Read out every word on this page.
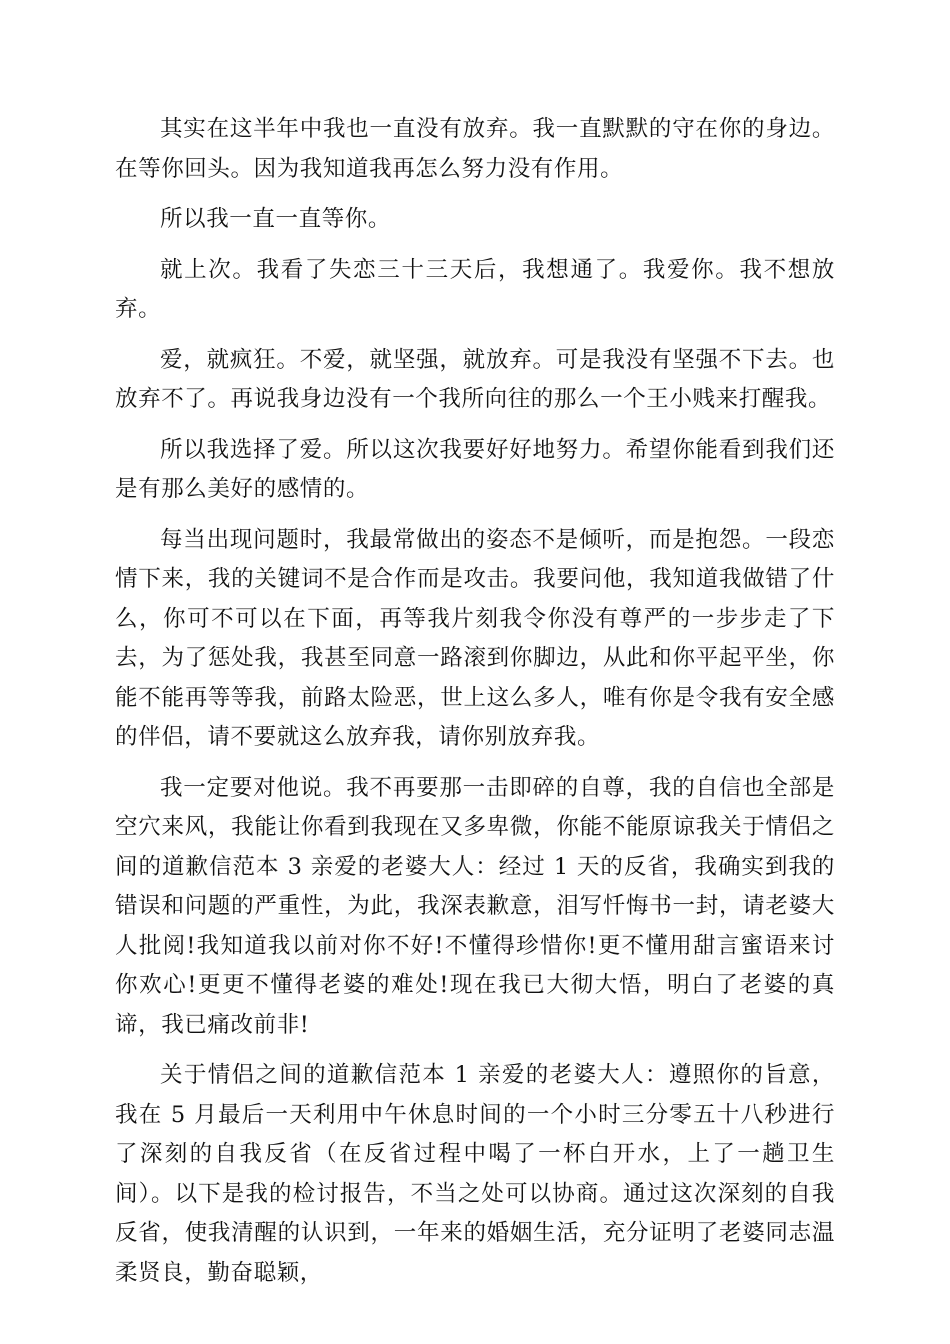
其实在这半年中我也一直没有放弃。我一直默默的守在你的身边。在等你回头。因为我知道我再怎么努力没有作用。

所以我一直一直等你。

就上次。我看了失恋三十三天后，我想通了。我爱你。我不想放弃。

爱，就疯狂。不爱，就坚强，就放弃。可是我没有坚强不下去。也放弃不了。再说我身边没有一个我所向往的那么一个王小贱来打醒我。

所以我选择了爱。所以这次我要好好地努力。希望你能看到我们还是有那么美好的感情的。

每当出现问题时，我最常做出的姿态不是倾听，而是抱怨。一段恋情下来，我的关键词不是合作而是攻击。我要问他，我知道我做错了什么，你可不可以在下面，再等我片刻我令你没有尊严的一步步走了下去，为了惩处我，我甚至同意一路滚到你脚边，从此和你平起平坐，你能不能再等等我，前路太险恶，世上这么多人，唯有你是令我有安全感的伴侣，请不要就这么放弃我，请你别放弃我。

我一定要对他说。我不再要那一击即碎的自尊，我的自信也全部是空穴来风，我能让你看到我现在又多卑微，你能不能原谅我关于情侣之间的道歉信范本 3 亲爱的老婆大人：经过 1 天的反省，我确实到我的错误和问题的严重性，为此，我深表歉意，泪写忏悔书一封，请老婆大人批阅!我知道我以前对你不好!不懂得珍惜你!更不懂用甜言蜜语来讨你欢心!更更不懂得老婆的难处!现在我已大彻大悟，明白了老婆的真谛，我已痛改前非!

关于情侣之间的道歉信范本 1 亲爱的老婆大人：遵照你的旨意，我在 5 月最后一天利用中午休息时间的一个小时三分零五十八秒进行了深刻的自我反省（在反省过程中喝了一杯白开水，上了一趟卫生间）。以下是我的检讨报告，不当之处可以协商。通过这次深刻的自我反省，使我清醒的认识到，一年来的婚姻生活，充分证明了老婆同志温柔贤良，勤奋聪颖，
